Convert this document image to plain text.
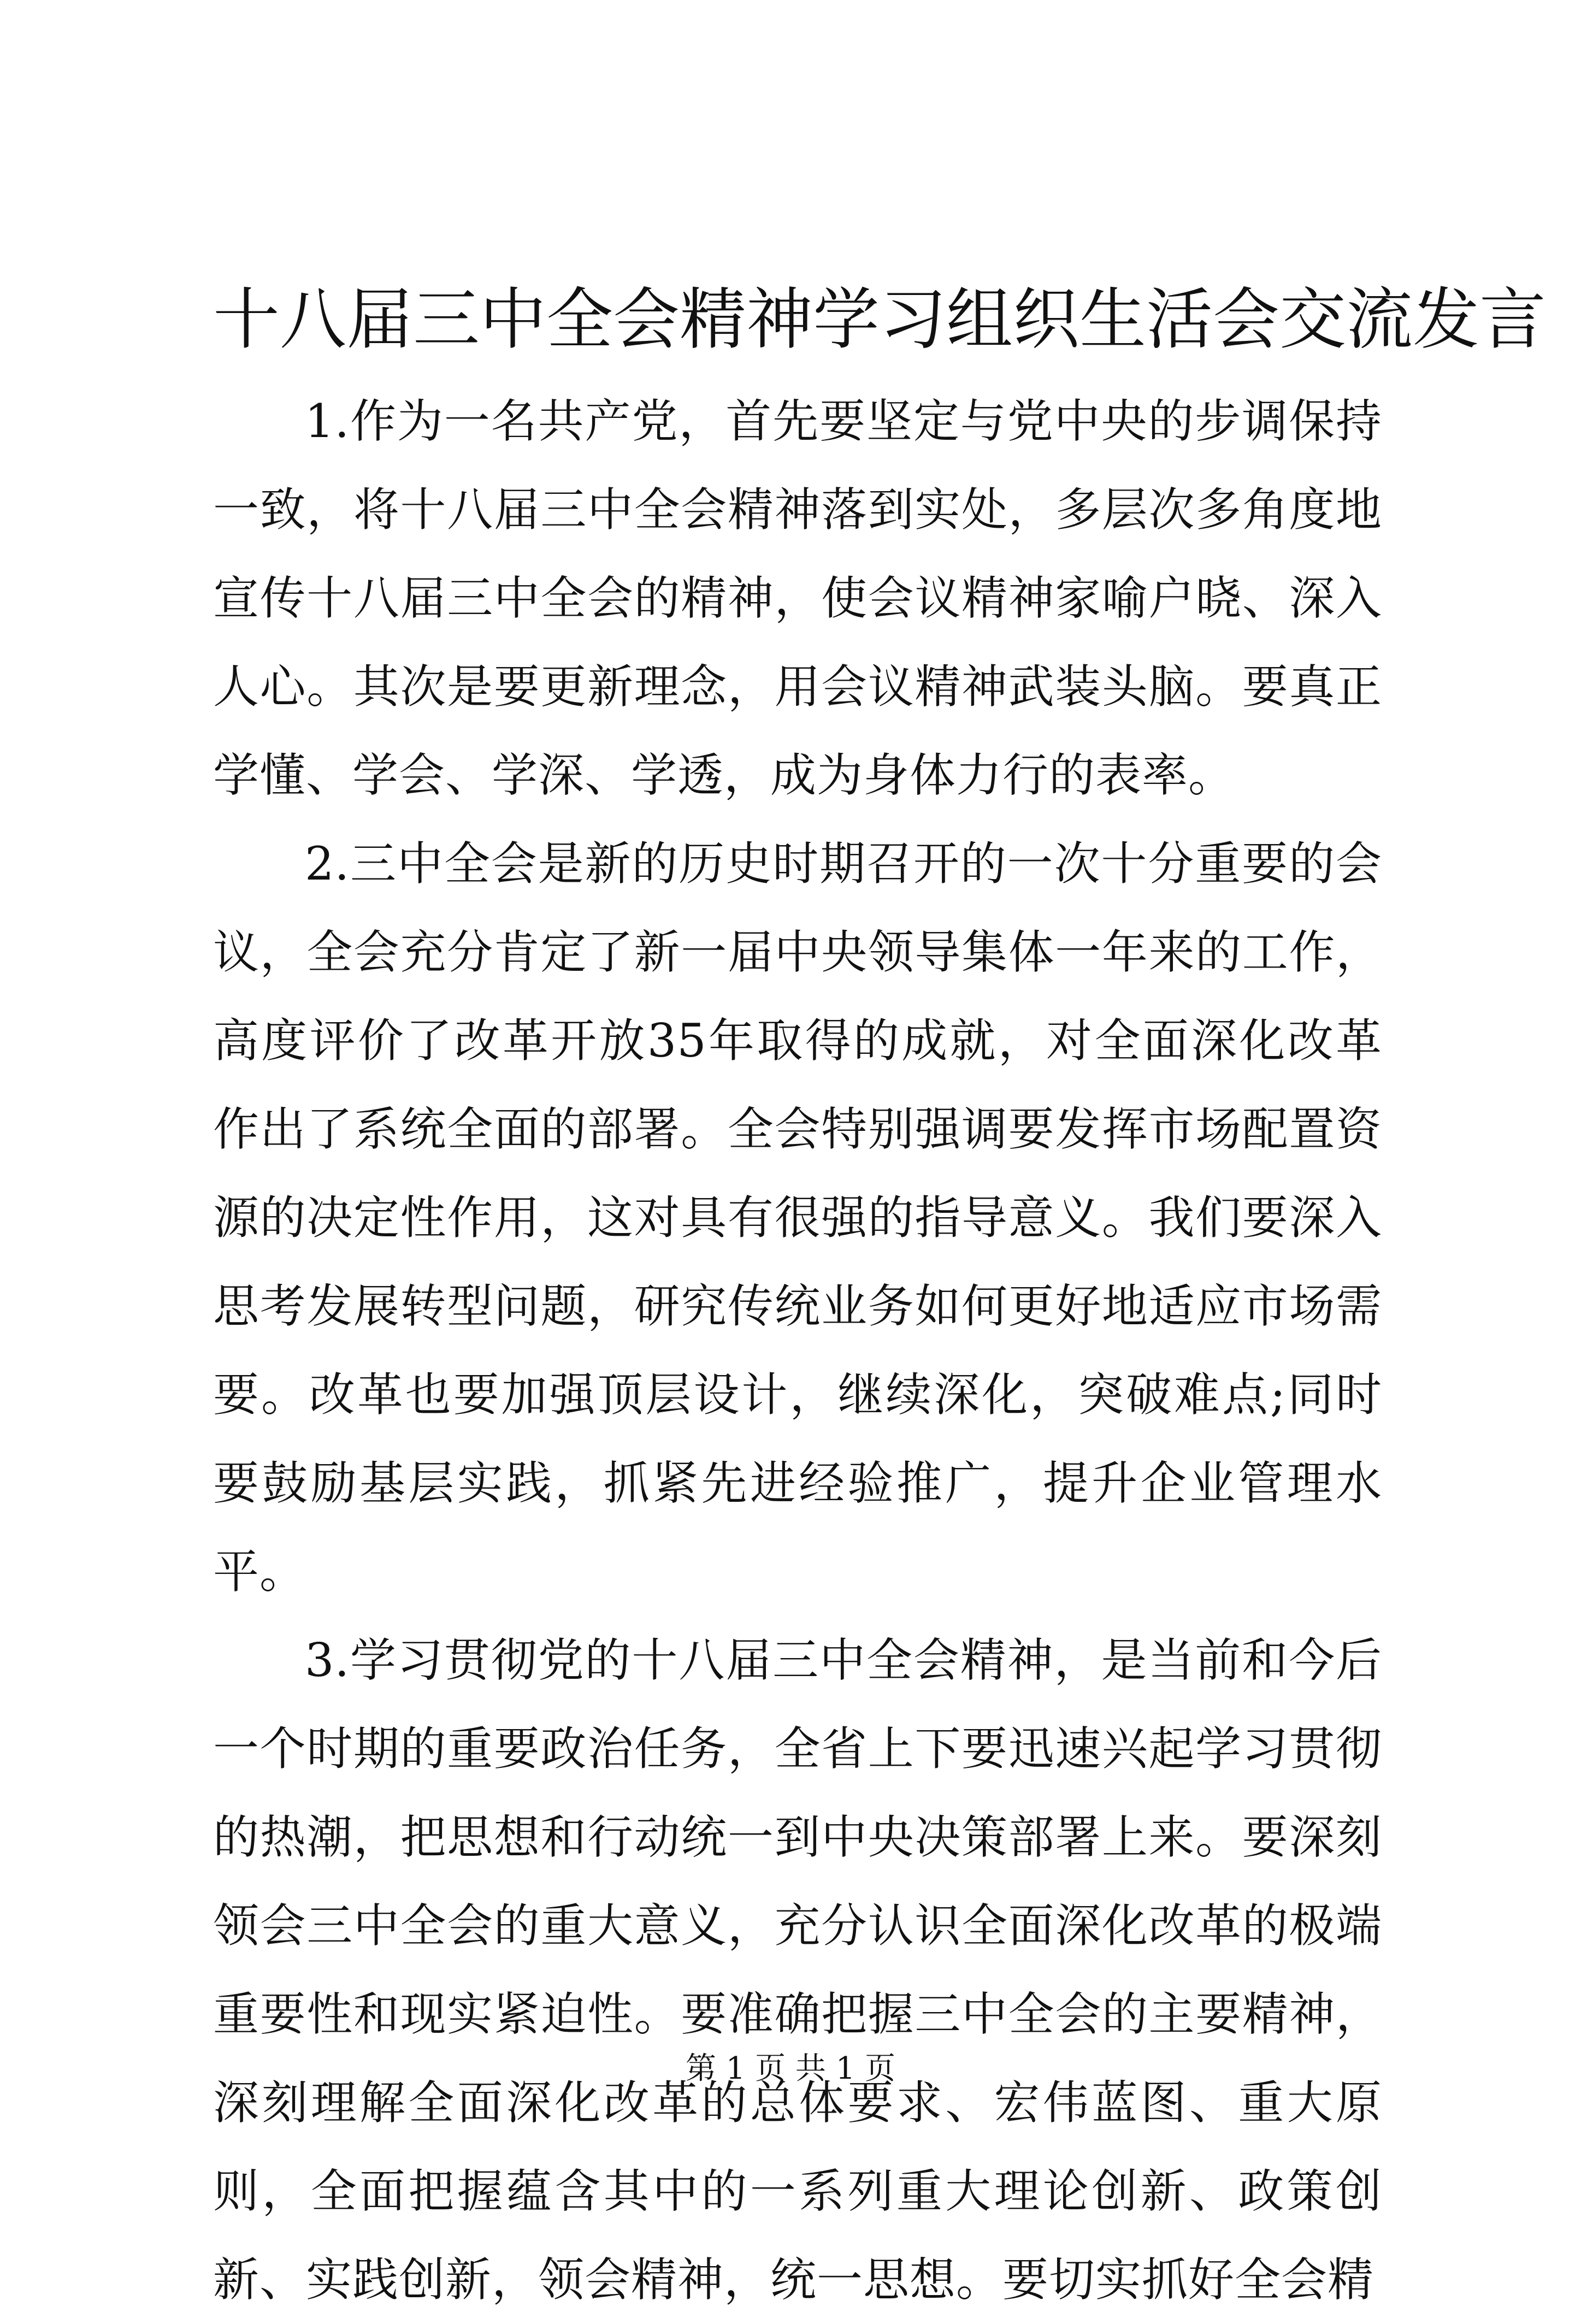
十八届三中全会精神学习组织生活会交流发言

1.作为一名共产党，首先要坚定与党中央的步调保持一致，将十八届三中全会精神落到实处，多层次多角度地宣传十八届三中全会的精神，使会议精神家喻户晓、深入人心。其次是要更新理念，用会议精神武装头脑。要真正学懂、学会、学深、学透，成为身体力行的表率。

2.三中全会是新的历史时期召开的一次十分重要的会议，全会充分肯定了新一届中央领导集体一年来的工作，高度评价了改革开放35年取得的成就，对全面深化改革作出了系统全面的部署。全会特别强调要发挥市场配置资源的决定性作用，这对具有很强的指导意义。我们要深入思考发展转型问题，研究传统业务如何更好地适应市场需要。改革也要加强顶层设计，继续深化，突破难点;同时要鼓励基层实践，抓紧先进经验推广，提升企业管理水平。

3.学习贯彻党的十八届三中全会精神，是当前和今后一个时期的重要政治任务，全省上下要迅速兴起学习贯彻的热潮，把思想和行动统一到中央决策部署上来。要深刻领会三中全会的重大意义，充分认识全面深化改革的极端重要性和现实紧迫性。要准确把握三中全会的主要精神，深刻理解全面深化改革的总体要求、宏伟蓝图、重大原则，全面把握蕴含其中的一系列重大理论创新、政策创新、实践创新，领会精神，统一思想。要切实抓好全会精

第 1 页 共 1 页
